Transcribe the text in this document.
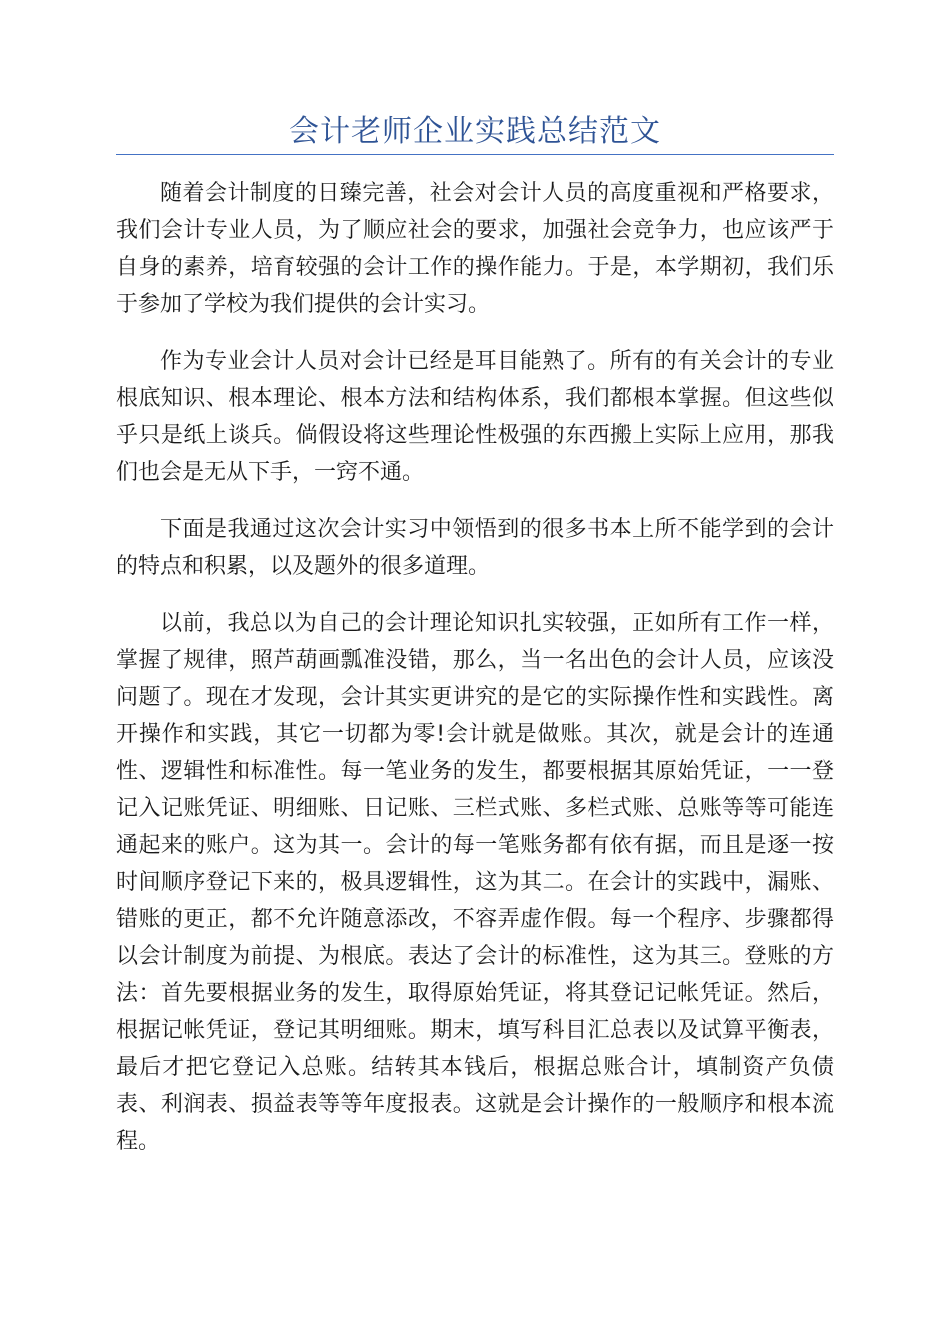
会计老师企业实践总结范文

随着会计制度的日臻完善，社会对会计人员的高度重视和严格要求，我们会计专业人员，为了顺应社会的要求，加强社会竞争力，也应该严于自身的素养，培育较强的会计工作的操作能力。于是，本学期初，我们乐于参加了学校为我们提供的会计实习。

作为专业会计人员对会计已经是耳目能熟了。所有的有关会计的专业根底知识、根本理论、根本方法和结构体系，我们都根本掌握。但这些似乎只是纸上谈兵。倘假设将这些理论性极强的东西搬上实际上应用，那我们也会是无从下手，一窍不通。

下面是我通过这次会计实习中领悟到的很多书本上所不能学到的会计的特点和积累，以及题外的很多道理。

以前，我总以为自己的会计理论知识扎实较强，正如所有工作一样，掌握了规律，照芦葫画瓢准没错，那么，当一名出色的会计人员，应该没问题了。现在才发现，会计其实更讲究的是它的实际操作性和实践性。离开操作和实践，其它一切都为零!会计就是做账。其次，就是会计的连通性、逻辑性和标准性。每一笔业务的发生，都要根据其原始凭证，一一登记入记账凭证、明细账、日记账、三栏式账、多栏式账、总账等等可能连通起来的账户。这为其一。会计的每一笔账务都有依有据，而且是逐一按时间顺序登记下来的，极具逻辑性，这为其二。在会计的实践中，漏账、错账的更正，都不允许随意添改，不容弄虚作假。每一个程序、步骤都得以会计制度为前提、为根底。表达了会计的标准性，这为其三。登账的方法：首先要根据业务的发生，取得原始凭证，将其登记记帐凭证。然后，根据记帐凭证，登记其明细账。期末，填写科目汇总表以及试算平衡表，最后才把它登记入总账。结转其本钱后，根据总账合计，填制资产负债表、利润表、损益表等等年度报表。这就是会计操作的一般顺序和根本流程。
